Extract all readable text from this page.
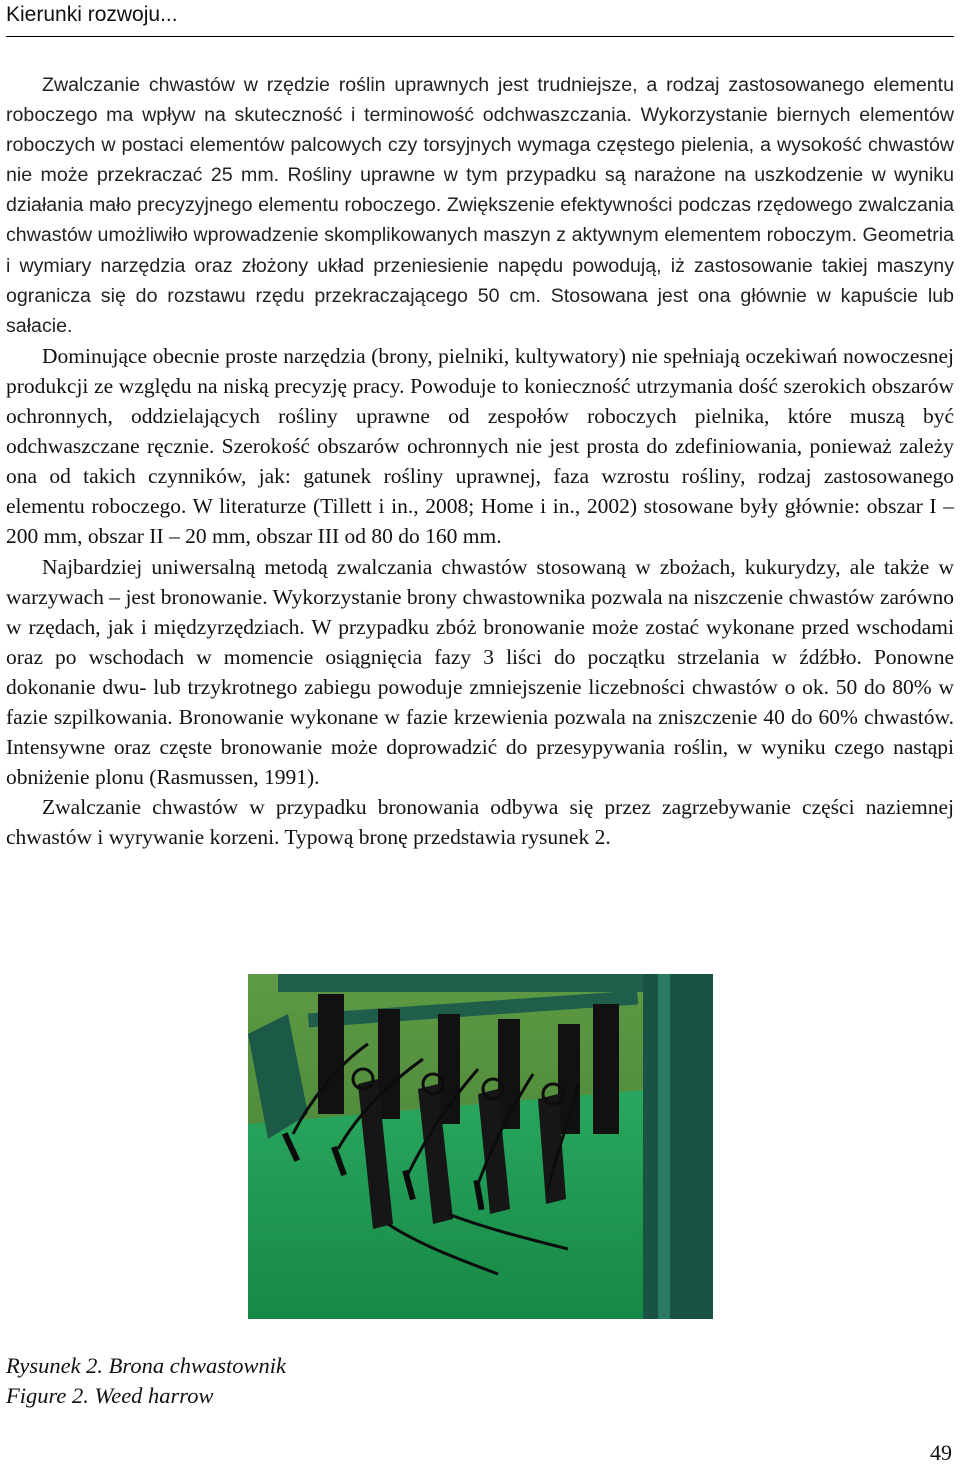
Kierunki rozwoju...

Zwalczanie chwastów w rzędzie roślin uprawnych jest trudniejsze, a rodzaj zastosowanego elementu roboczego ma wpływ na skuteczność i terminowość odchwaszczania. Wykorzystanie biernych elementów roboczych w postaci elementów palcowych czy torsyjnych wymaga częstego pielenia, a wysokość chwastów nie może przekraczać 25 mm. Rośliny uprawne w tym przypadku są narażone na uszkodzenie w wyniku działania mało precyzyjnego elementu roboczego. Zwiększenie efektywności podczas rzędowego zwalczania chwastów umożliwiło wprowadzenie skomplikowanych maszyn z aktywnym elementem roboczym. Geometria i wymiary narzędzia oraz złożony układ przeniesienie napędu powodują, iż zastosowanie takiej maszyny ogranicza się do rozstawu rzędu przekraczającego 50 cm. Stosowana jest ona głównie w kapuście lub sałacie.

Dominujące obecnie proste narzędzia (brony, pielniki, kultywatory) nie spełniają oczekiwań nowoczesnej produkcji ze względu na niską precyzję pracy. Powoduje to konieczność utrzymania dość szerokich obszarów ochronnych, oddzielających rośliny uprawne od zespołów roboczych pielnika, które muszą być odchwaszczane ręcznie. Szerokość obszarów ochronnych nie jest prosta do zdefiniowania, ponieważ zależy ona od takich czynników, jak: gatunek rośliny uprawnej, faza wzrostu rośliny, rodzaj zastosowanego elementu roboczego. W literaturze (Tillett i in., 2008; Home i in., 2002) stosowane były głównie: obszar I – 200 mm, obszar II – 20 mm, obszar III od 80 do 160 mm.

Najbardziej uniwersalną metodą zwalczania chwastów stosowaną w zbożach, kukurydzy, ale także w warzywach – jest bronowanie. Wykorzystanie brony chwastownika pozwala na niszczenie chwastów zarówno w rzędach, jak i międzyrzędziach. W przypadku zbóż bronowanie może zostać wykonane przed wschodami oraz po wschodach w momencie osiągnięcia fazy 3 liści do początku strzelania w źdźbło. Ponowne dokonanie dwu- lub trzykrotnego zabiegu powoduje zmniejszenie liczebności chwastów o ok. 50 do 80% w fazie szpilkowania. Bronowanie wykonane w fazie krzewienia pozwala na zniszczenie 40 do 60% chwastów. Intensywne oraz częste bronowanie może doprowadzić do przesypywania roślin, w wyniku czego nastąpi obniżenie plonu (Rasmussen, 1991).

Zwalczanie chwastów w przypadku bronowania odbywa się przez zagrzebywanie części naziemnej chwastów i wyrywanie korzeni. Typową bronę przedstawia rysunek 2.

Rysunek 2. Brona chwastownik
Figure 2. Weed harrow
49
